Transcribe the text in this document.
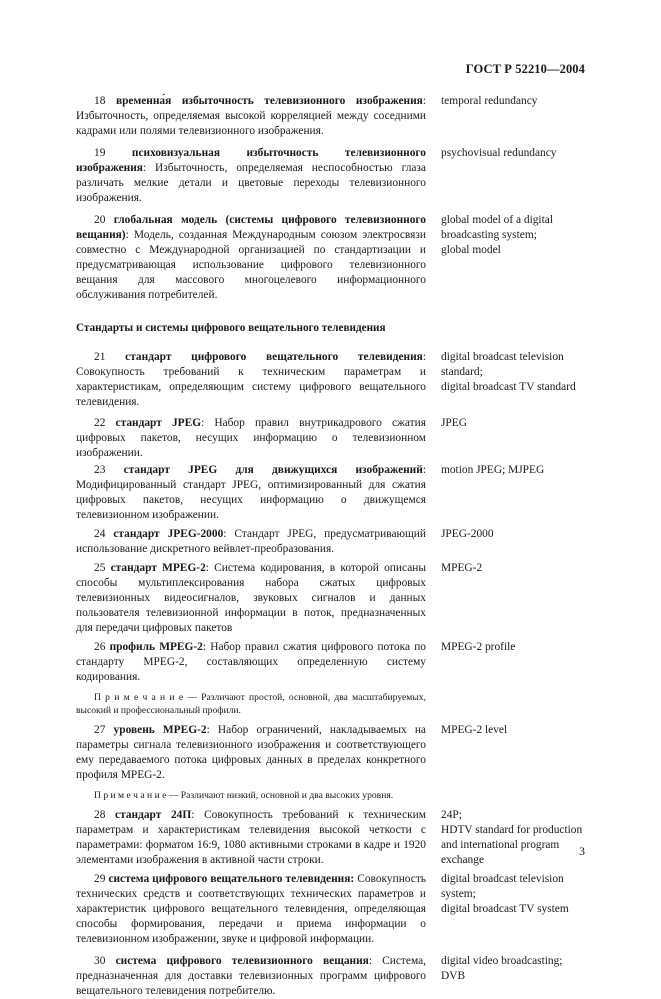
ГОСТ Р 52210—2004
18 временна́я избыточность телевизионного изображения: Избыточность, определяемая высокой корреляцией между соседними кадрами или полями телевизионного изображения.
temporal redundancy
19 психовизуальная избыточность телевизионного изображения: Избыточность, определяемая неспособностью глаза различать мелкие детали и цветовые переходы телевизионного изображения.
psychovisual redundancy
20 глобальная модель (системы цифрового телевизионного вещания): Модель, созданная Международным союзом электросвязи совместно с Международной организацией по стандартизации и предусматривающая использование цифрового телевизионного вещания для массового многоцелевого информационного обслуживания потребителей.
global model of a digital broadcasting system;
global model
Стандарты и системы цифрового вещательного телевидения
21 стандарт цифрового вещательного телевидения: Совокупность требований к техническим параметрам и характеристикам, определяющим систему цифрового вещательного телевидения.
digital broadcast television standard;
digital broadcast TV standard
22 стандарт JPEG: Набор правил внутрикадрового сжатия цифровых пакетов, несущих информацию о телевизионном изображении.
JPEG
23 стандарт JPEG для движущихся изображений: Модифицированный стандарт JPEG, оптимизированный для сжатия цифровых пакетов, несущих информацию о движущемся телевизионном изображении.
motion JPEG; MJPEG
24 стандарт JPEG-2000: Стандарт JPEG, предусматривающий использование дискретного вейвлет-преобразования.
JPEG-2000
25 стандарт MPEG-2: Система кодирования, в которой описаны способы мультиплексирования набора сжатых цифровых телевизионных видеосигналов, звуковых сигналов и данных пользователя телевизионной информации в поток, предназначенных для передачи цифровых пакетов
MPEG-2
26 профиль MPEG-2: Набор правил сжатия цифрового потока по стандарту MPEG-2, составляющих определенную систему кодирования.
MPEG-2 profile
П р и м е ч а н и е — Различают простой, основной, два масштабируемых, высокий и профессиональный профили.
27 уровень MPEG-2: Набор ограничений, накладываемых на параметры сигнала телевизионного изображения и соответствующего ему передаваемого потока цифровых данных в пределах конкретного профиля MPEG-2.
MPEG-2 level
П р и м е ч а н и е — Различают низкий, основной и два высоких уровня.
28 стандарт 24П: Совокупность требований к техническим параметрам и характеристикам телевидения высокой четкости с параметрами: форматом 16:9, 1080 активными строками в кадре и 1920 элементами изображения в активной части строки.
24P;
HDTV standard for production and international program exchange
29 система цифрового вещательного телевидения: Совокупность технических средств и соответствующих технических параметров и характеристик цифрового вещательного телевидения, определяющая способы формирования, передачи и приема информации о телевизионном изображении, звуке и цифровой информации.
digital broadcast television system;
digital broadcast TV system
30 система цифрового телевизионного вещания: Система, предназначенная для доставки телевизионных программ цифрового вещательного телевидения потребителю.
digital video broadcasting;
DVB
3
